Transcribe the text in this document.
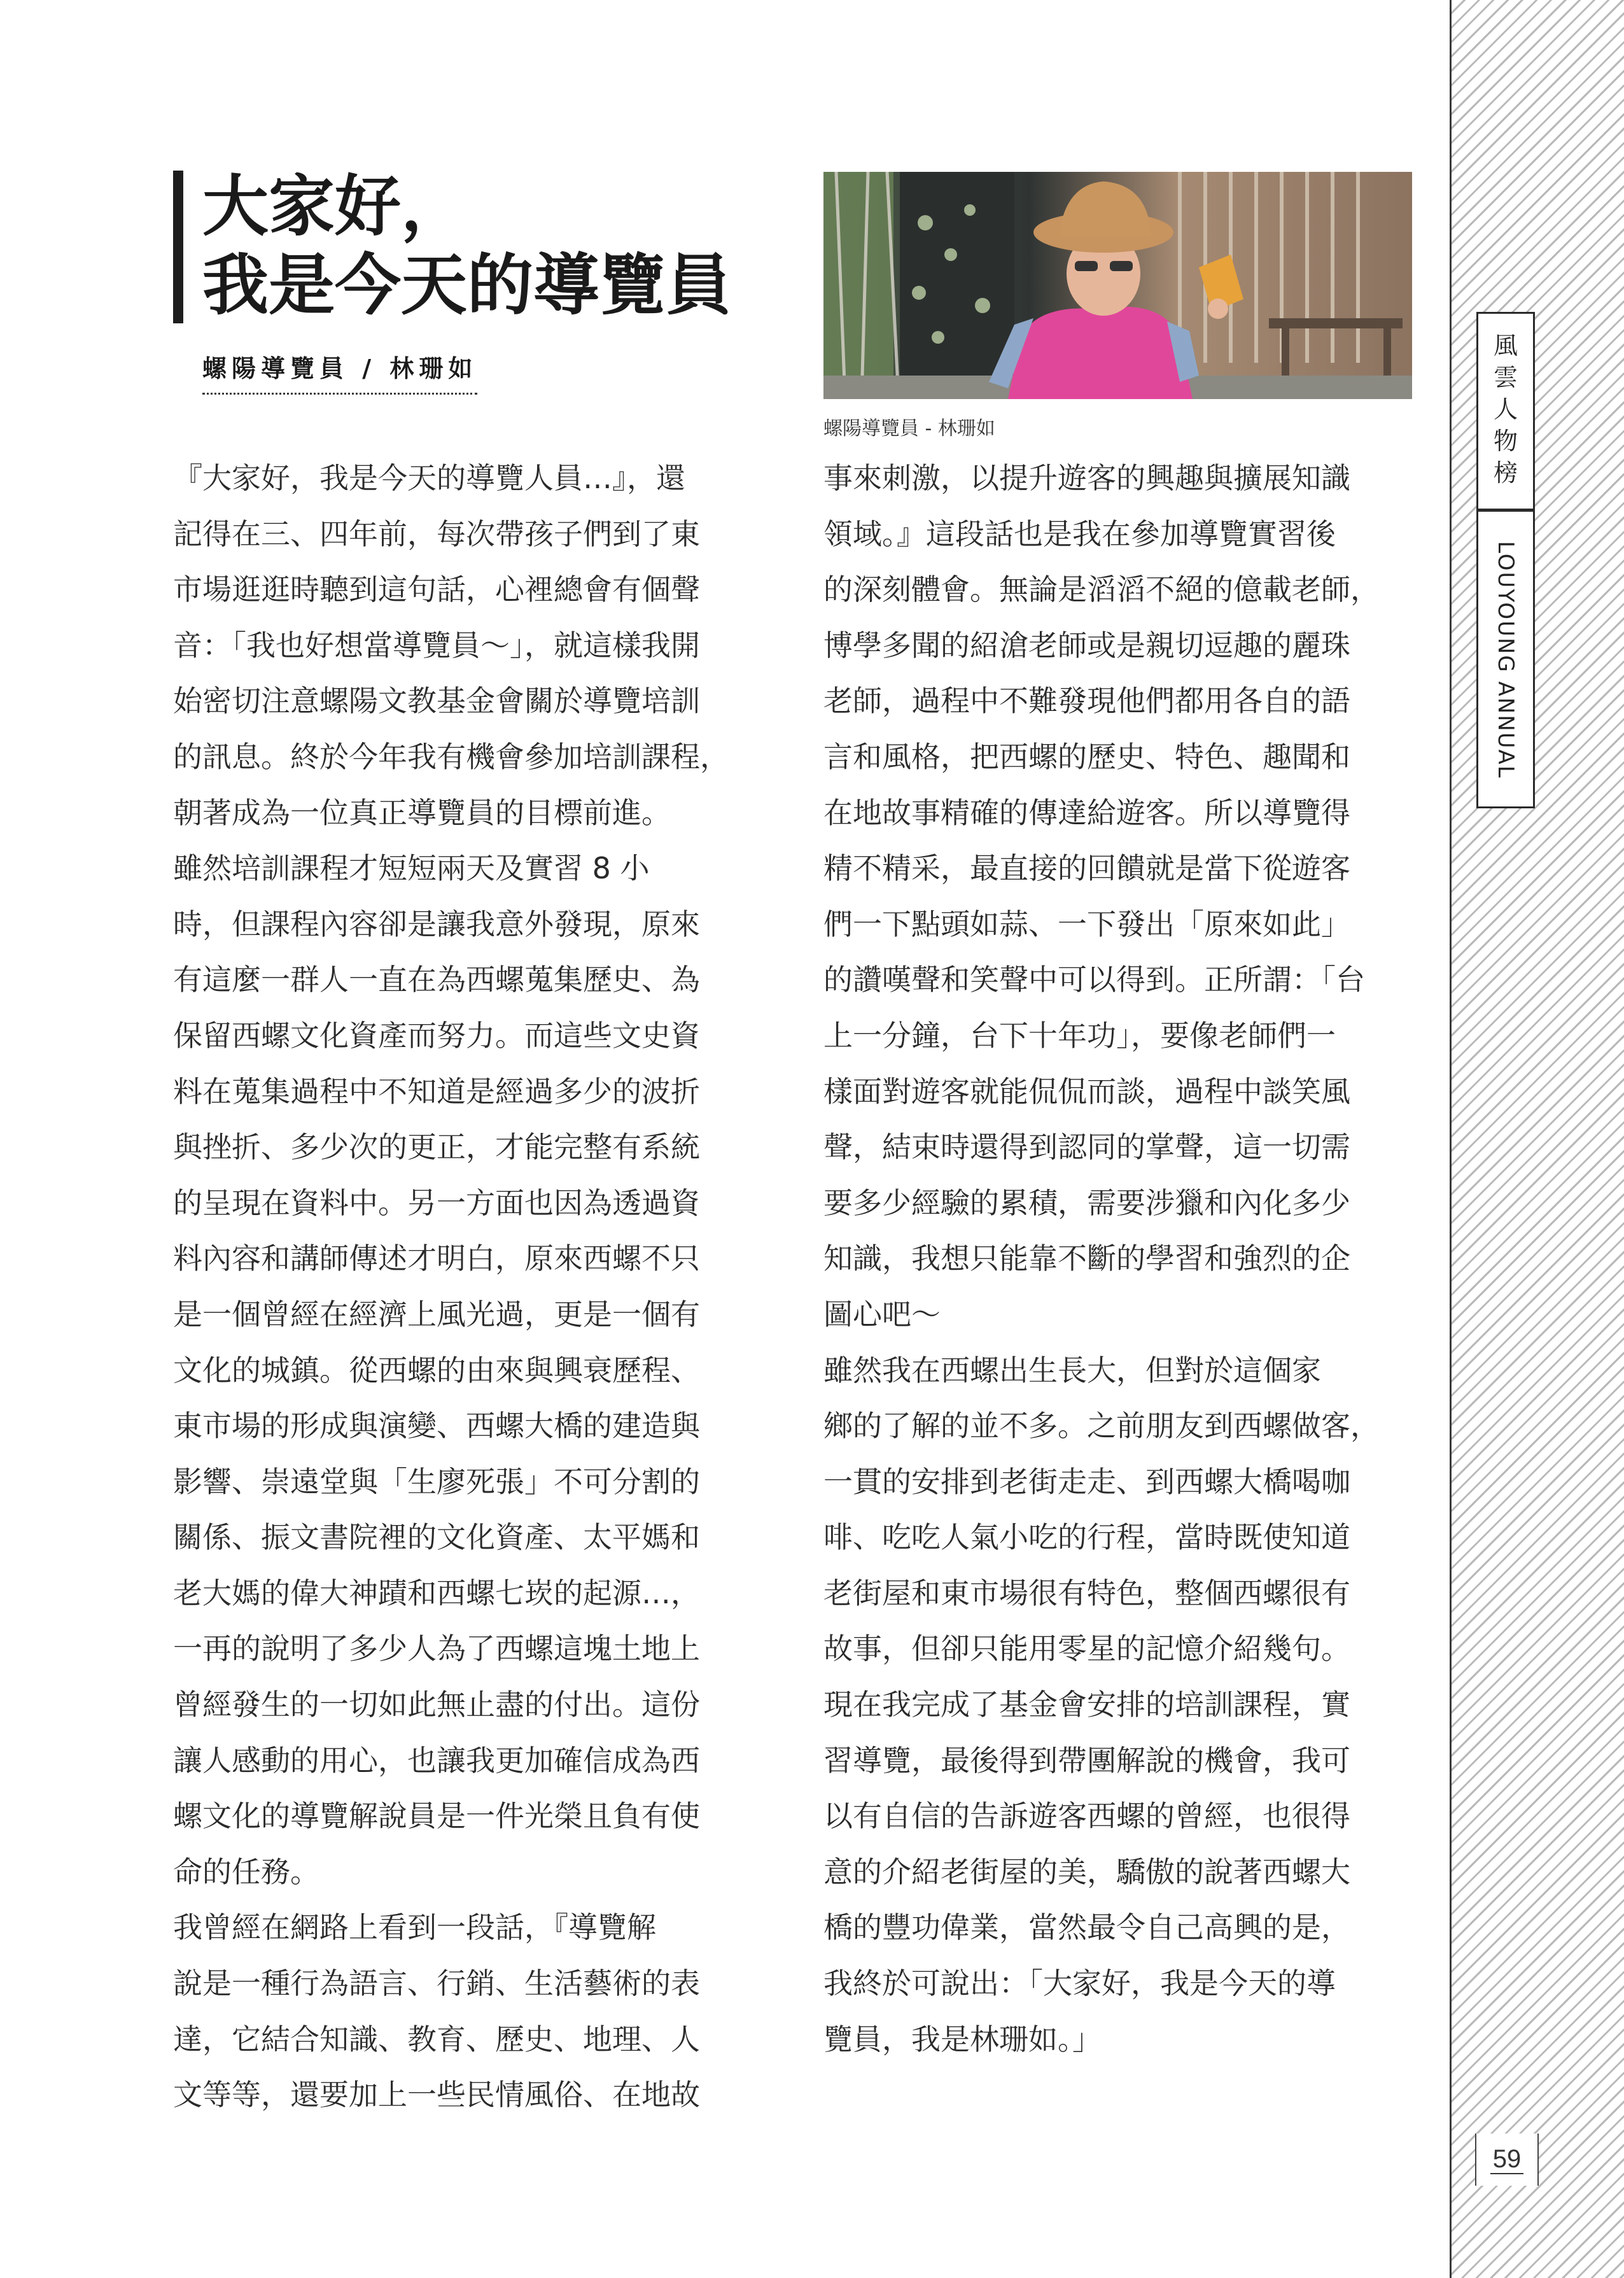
風
雲
人
物
榜
LOUYOUNG ANNUAL
59
大家好，
我是今天的導覽員
螺陽導覽員 / 林珊如
螺陽導覽員 - 林珊如
『大家好，我是今天的導覽人員…』，還
記得在三、四年前，每次帶孩子們到了東
市場逛逛時聽到這句話，心裡總會有個聲
音：「我也好想當導覽員～」，就這樣我開
始密切注意螺陽文教基金會關於導覽培訓
的訊息。終於今年我有機會參加培訓課程，
朝著成為一位真正導覽員的目標前進。
雖然培訓課程才短短兩天及實習 8 小
時，但課程內容卻是讓我意外發現，原來
有這麼一群人一直在為西螺蒐集歷史、為
保留西螺文化資產而努力。而這些文史資
料在蒐集過程中不知道是經過多少的波折
與挫折、多少次的更正，才能完整有系統
的呈現在資料中。另一方面也因為透過資
料內容和講師傳述才明白，原來西螺不只
是一個曾經在經濟上風光過，更是一個有
文化的城鎮。從西螺的由來與興衰歷程、
東市場的形成與演變、西螺大橋的建造與
影響、崇遠堂與「生廖死張」不可分割的
關係、振文書院裡的文化資產、太平媽和
老大媽的偉大神蹟和西螺七崁的起源…，
一再的說明了多少人為了西螺這塊土地上
曾經發生的一切如此無止盡的付出。這份
讓人感動的用心，也讓我更加確信成為西
螺文化的導覽解說員是一件光榮且負有使
命的任務。
我曾經在網路上看到一段話，『導覽解
說是一種行為語言、行銷、生活藝術的表
達，它結合知識、教育、歷史、地理、人
文等等，還要加上一些民情風俗、在地故
事來刺激，以提升遊客的興趣與擴展知識
領域。』這段話也是我在參加導覽實習後
的深刻體會。無論是滔滔不絕的億載老師，
博學多聞的紹滄老師或是親切逗趣的麗珠
老師，過程中不難發現他們都用各自的語
言和風格，把西螺的歷史、特色、趣聞和
在地故事精確的傳達給遊客。所以導覽得
精不精采，最直接的回饋就是當下從遊客
們一下點頭如蒜、一下發出「原來如此」
的讚嘆聲和笑聲中可以得到。正所謂：「台
上一分鐘，台下十年功」，要像老師們一
樣面對遊客就能侃侃而談，過程中談笑風
聲，結束時還得到認同的掌聲，這一切需
要多少經驗的累積，需要涉獵和內化多少
知識，我想只能靠不斷的學習和強烈的企
圖心吧～
雖然我在西螺出生長大，但對於這個家
鄉的了解的並不多。之前朋友到西螺做客，
一貫的安排到老街走走、到西螺大橋喝咖
啡、吃吃人氣小吃的行程，當時既使知道
老街屋和東市場很有特色，整個西螺很有
故事，但卻只能用零星的記憶介紹幾句。
現在我完成了基金會安排的培訓課程，實
習導覽，最後得到帶團解說的機會，我可
以有自信的告訴遊客西螺的曾經，也很得
意的介紹老街屋的美，驕傲的說著西螺大
橋的豐功偉業，當然最令自己高興的是，
我終於可說出：「大家好，我是今天的導
覽員，我是林珊如。」
